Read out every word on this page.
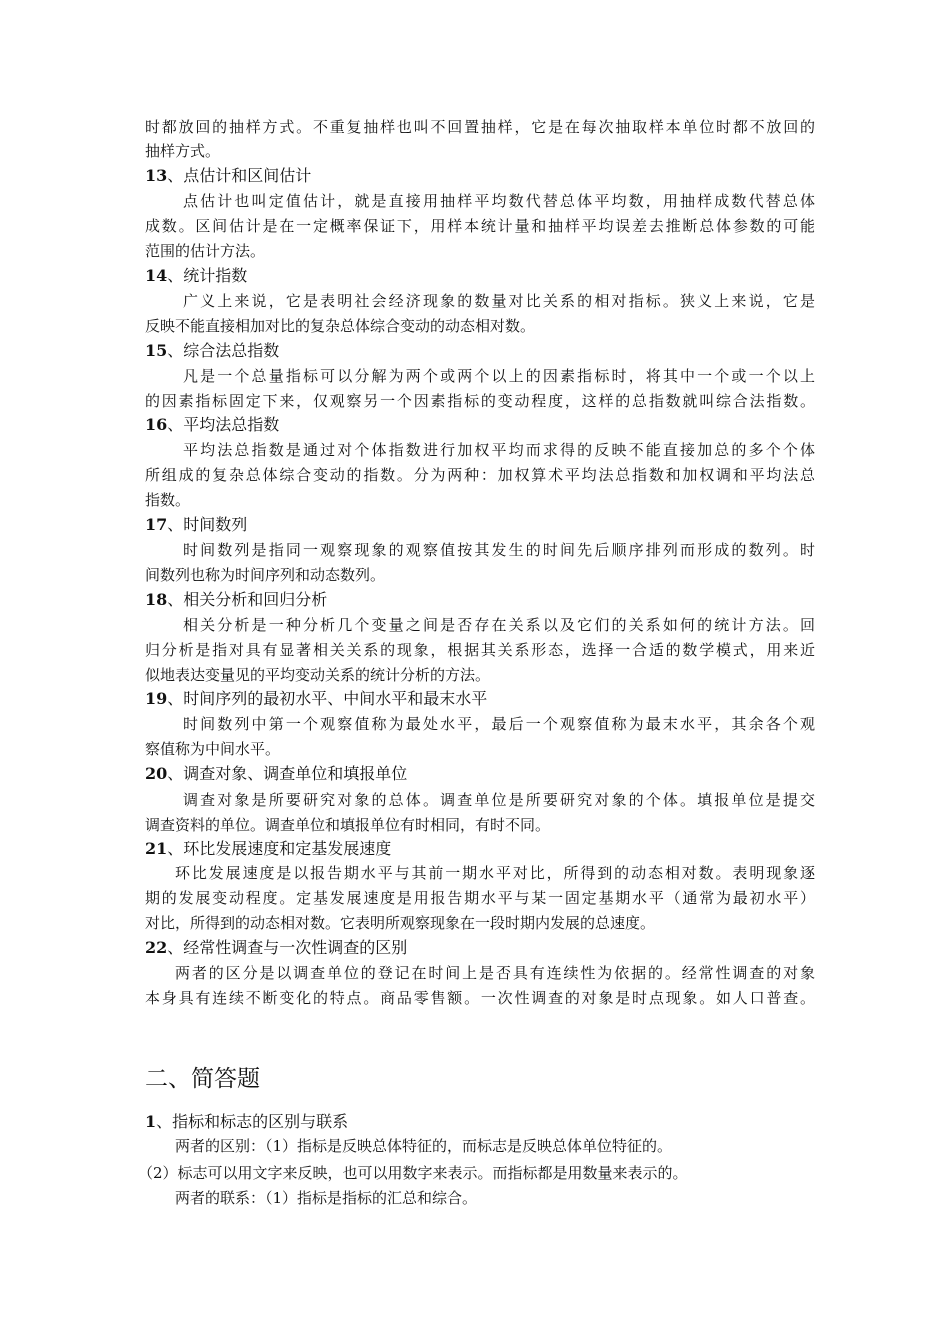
时都放回的抽样方式。不重复抽样也叫不回置抽样，它是在每次抽取样本单位时都不放回的
抽样方式。
13、点估计和区间估计
点估计也叫定值估计，就是直接用抽样平均数代替总体平均数，用抽样成数代替总体
成数。区间估计是在一定概率保证下，用样本统计量和抽样平均误差去推断总体参数的可能
范围的估计方法。
14、统计指数
广义上来说，它是表明社会经济现象的数量对比关系的相对指标。狭义上来说，它是
反映不能直接相加对比的复杂总体综合变动的动态相对数。
15、综合法总指数
凡是一个总量指标可以分解为两个或两个以上的因素指标时，将其中一个或一个以上
的因素指标固定下来，仅观察另一个因素指标的变动程度，这样的总指数就叫综合法指数。
16、平均法总指数
平均法总指数是通过对个体指数进行加权平均而求得的反映不能直接加总的多个个体
所组成的复杂总体综合变动的指数。分为两种：加权算术平均法总指数和加权调和平均法总
指数。
17、时间数列
时间数列是指同一观察现象的观察值按其发生的时间先后顺序排列而形成的数列。时
间数列也称为时间序列和动态数列。
18、相关分析和回归分析
相关分析是一种分析几个变量之间是否存在关系以及它们的关系如何的统计方法。回
归分析是指对具有显著相关关系的现象，根据其关系形态，选择一合适的数学模式，用来近
似地表达变量见的平均变动关系的统计分析的方法。
19、时间序列的最初水平、中间水平和最末水平
时间数列中第一个观察值称为最处水平，最后一个观察值称为最末水平，其余各个观
察值称为中间水平。
20、调查对象、调查单位和填报单位
调查对象是所要研究对象的总体。调查单位是所要研究对象的个体。填报单位是提交
调查资料的单位。调查单位和填报单位有时相同，有时不同。
21、环比发展速度和定基发展速度
环比发展速度是以报告期水平与其前一期水平对比，所得到的动态相对数。表明现象逐
期的发展变动程度。定基发展速度是用报告期水平与某一固定基期水平（通常为最初水平）
对比，所得到的动态相对数。它表明所观察现象在一段时期内发展的总速度。
22、经常性调查与一次性调查的区别
两者的区分是以调查单位的登记在时间上是否具有连续性为依据的。经常性调查的对象
本身具有连续不断变化的特点。商品零售额。一次性调查的对象是时点现象。如人口普查。
二、简答题
1、指标和标志的区别与联系
两者的区别：（1）指标是反映总体特征的，而标志是反映总体单位特征的。
（2）标志可以用文字来反映，也可以用数字来表示。而指标都是用数量来表示的。
两者的联系：（1）指标是指标的汇总和综合。
